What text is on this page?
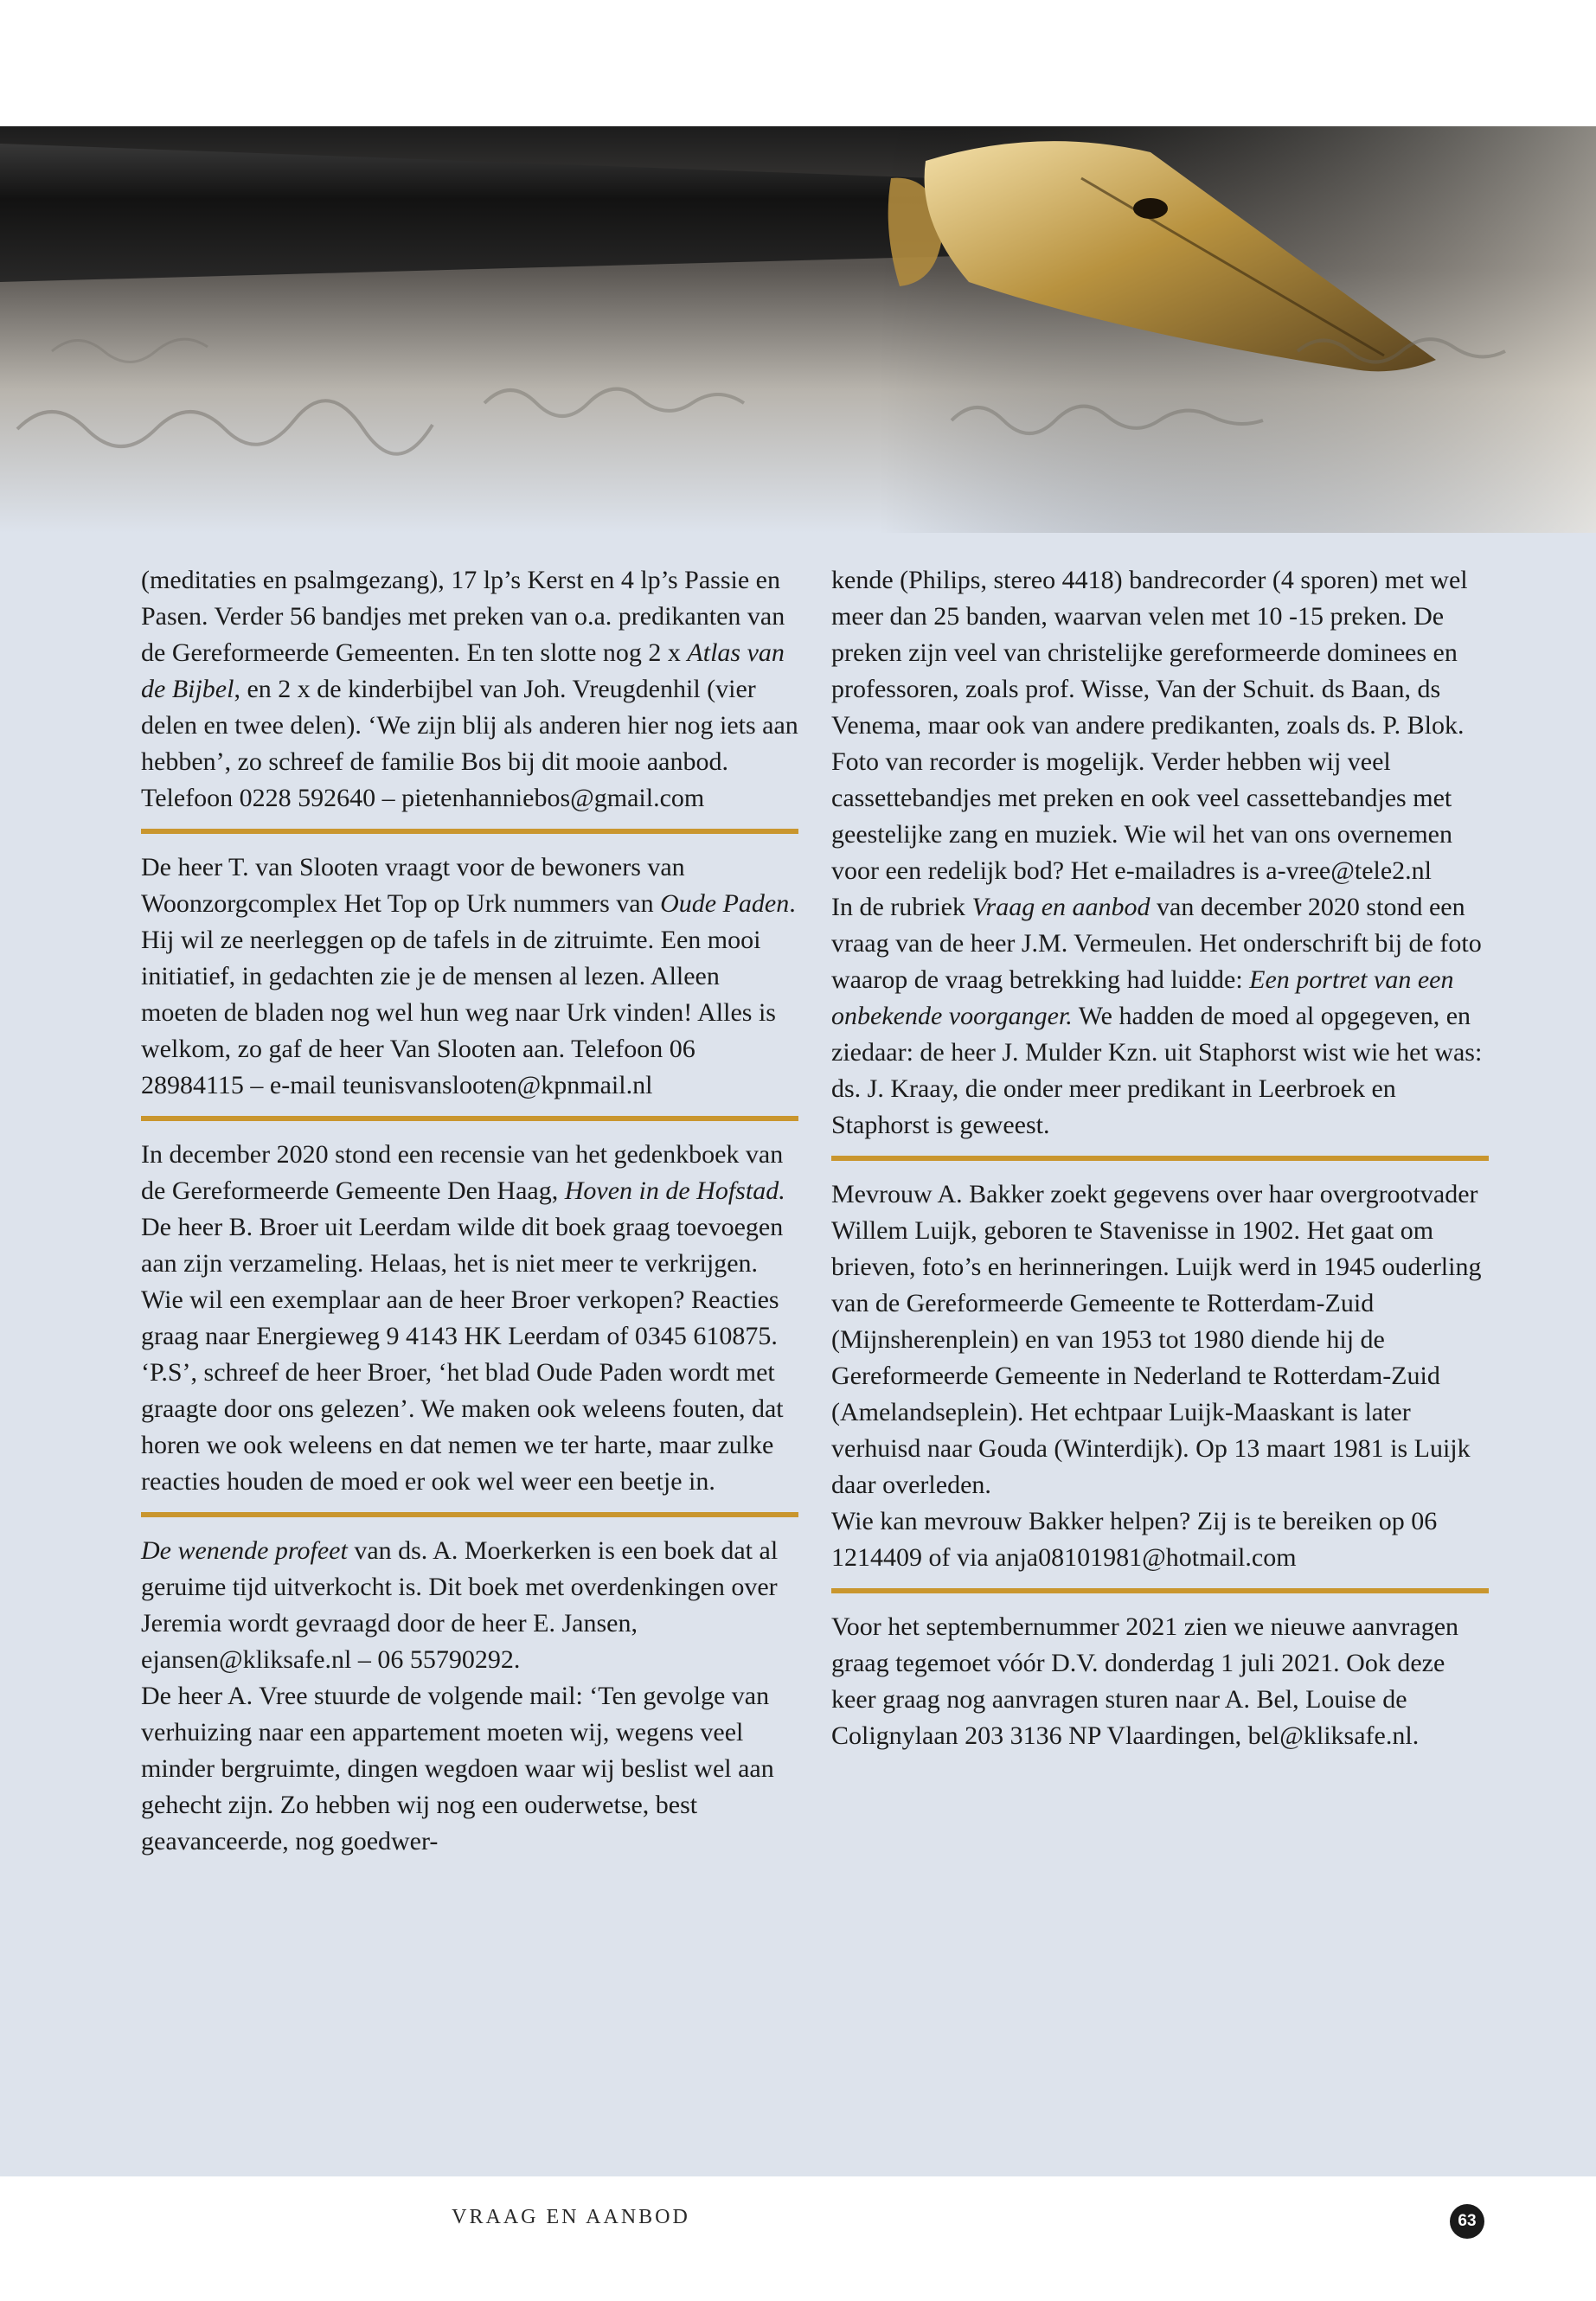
(meditaties en psalmgezang), 17 lp’s Kerst en 4 lp’s Passie en Pasen. Verder 56 bandjes met preken van o.a. predikanten van de Gereformeerde Gemeenten. En ten slotte nog 2 x Atlas van de Bijbel, en 2 x de kinderbijbel van Joh. Vreugdenhil (vier delen en twee delen). ‘We zijn blij als anderen hier nog iets aan hebben’, zo schreef de familie Bos bij dit mooie aanbod. Telefoon 0228 592640 – pietenhanniebos@gmail.com

De heer T. van Slooten vraagt voor de bewoners van Woonzorgcomplex Het Top op Urk nummers van Oude Paden. Hij wil ze neerleggen op de tafels in de zitruimte. Een mooi initiatief, in gedachten zie je de mensen al lezen. Alleen moeten de bladen nog wel hun weg naar Urk vinden! Alles is welkom, zo gaf de heer Van Slooten aan. Telefoon 06 28984115 – e-mail teunisvanslooten@kpnmail.nl

In december 2020 stond een recensie van het gedenkboek van de Gereformeerde Gemeente Den Haag, Hoven in de Hofstad. De heer B. Broer uit Leerdam wilde dit boek graag toevoegen aan zijn verzameling. Helaas, het is niet meer te verkrijgen. Wie wil een exemplaar aan de heer Broer verkopen? Reacties graag naar Energieweg 9 4143 HK Leerdam of 0345 610875. ‘P.S’, schreef de heer Broer, ‘het blad Oude Paden wordt met graagte door ons gelezen’. We maken ook weleens fouten, dat horen we ook weleens en dat nemen we ter harte, maar zulke reacties houden de moed er ook wel weer een beetje in.

De wenende profeet van ds. A. Moerkerken is een boek dat al geruime tijd uitverkocht is. Dit boek met overdenkingen over Jeremia wordt gevraagd door de heer E. Jansen, ejansen@kliksafe.nl – 06 55790292.

De heer A. Vree stuurde de volgende mail: ‘Ten gevolge van verhuizing naar een appartement moeten wij, wegens veel minder bergruimte, dingen wegdoen waar wij beslist wel aan gehecht zijn. Zo hebben wij nog een ouderwetse, best geavanceerde, nog goedwer-

kende (Philips, stereo 4418) bandrecorder (4 sporen) met wel meer dan 25 banden, waarvan velen met 10 -15 preken. De preken zijn veel van christelijke gereformeerde dominees en professoren, zoals prof. Wisse, Van der Schuit. ds Baan, ds Venema, maar ook van andere predikanten, zoals ds. P. Blok. Foto van recorder is mogelijk. Verder hebben wij veel cassettebandjes met preken en ook veel cassettebandjes met geestelijke zang en muziek. Wie wil het van ons overnemen voor een redelijk bod? Het e-mailadres is a-vree@tele2.nl

In de rubriek Vraag en aanbod van december 2020 stond een vraag van de heer J.M. Vermeulen. Het onderschrift bij de foto waarop de vraag betrekking had luidde: Een portret van een onbekende voorganger. We hadden de moed al opgegeven, en ziedaar: de heer J. Mulder Kzn. uit Staphorst wist wie het was: ds. J. Kraay, die onder meer predikant in Leerbroek en Staphorst is geweest.

Mevrouw A. Bakker zoekt gegevens over haar overgrootvader Willem Luijk, geboren te Stavenisse in 1902. Het gaat om brieven, foto’s en herinneringen. Luijk werd in 1945 ouderling van de Gereformeerde Gemeente te Rotterdam-Zuid (Mijnsherenplein) en van 1953 tot 1980 diende hij de Gereformeerde Gemeente in Nederland te Rotterdam-Zuid (Amelandseplein). Het echtpaar Luijk-Maaskant is later verhuisd naar Gouda (Winterdijk). Op 13 maart 1981 is Luijk daar overleden.

Wie kan mevrouw Bakker helpen? Zij is te bereiken op 06 1214409 of via anja08101981@hotmail.com

Voor het septembernummer 2021 zien we nieuwe aanvragen graag tegemoet vóór D.V. donderdag 1 juli 2021. Ook deze keer graag nog aanvragen sturen naar A. Bel, Louise de Colignylaan 203 3136 NP Vlaardingen, bel@kliksafe.nl.

VRAAG EN AANBOD	63
